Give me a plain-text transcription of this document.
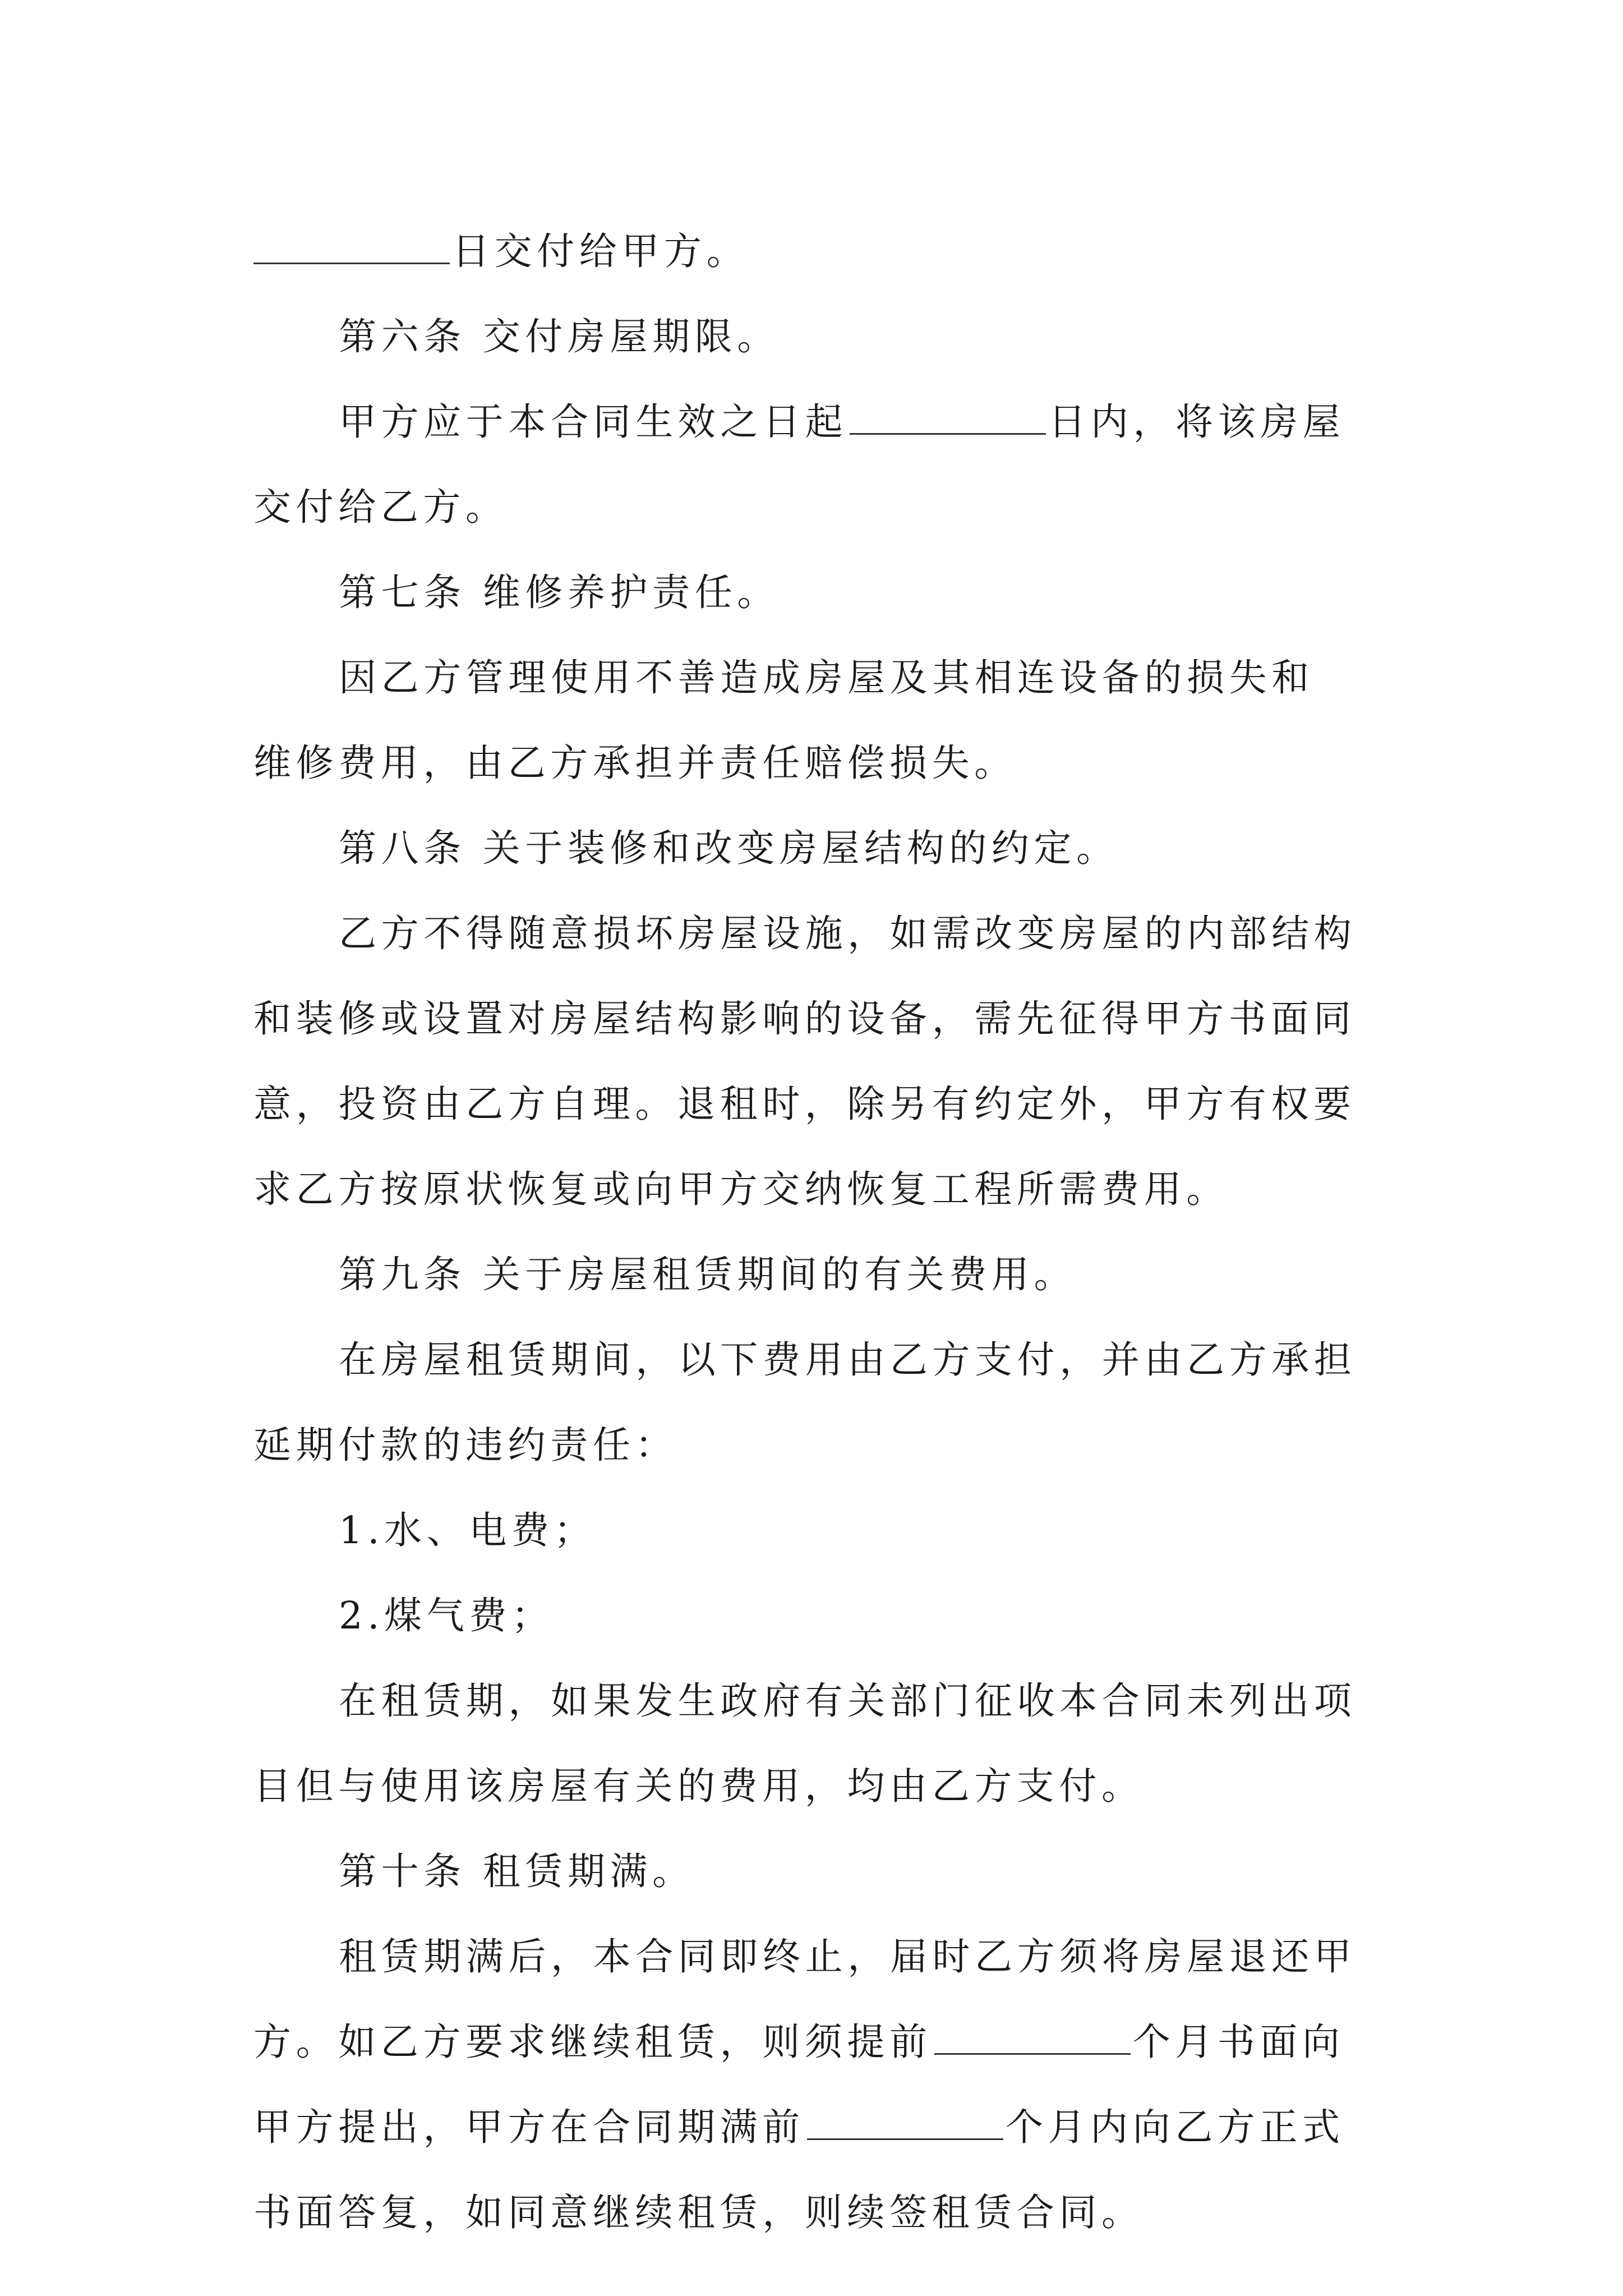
日交付给甲方。
第六条 交付房屋期限。
甲方应于本合同生效之日起	日内，将该房屋
交付给乙方。
第七条 维修养护责任。
因乙方管理使用不善造成房屋及其相连设备的损失和
维修费用，由乙方承担并责任赔偿损失。
第八条 关于装修和改变房屋结构的约定。
乙方不得随意损坏房屋设施，如需改变房屋的内部结构
和装修或设置对房屋结构影响的设备，需先征得甲方书面同
意，投资由乙方自理。退租时，除另有约定外，甲方有权要
求乙方按原状恢复或向甲方交纳恢复工程所需费用。
第九条 关于房屋租赁期间的有关费用。
在房屋租赁期间，以下费用由乙方支付，并由乙方承担
延期付款的违约责任：
1.水、电费；
2.煤气费；
在租赁期，如果发生政府有关部门征收本合同未列出项
目但与使用该房屋有关的费用，均由乙方支付。
第十条 租赁期满。
租赁期满后，本合同即终止，届时乙方须将房屋退还甲
方。如乙方要求继续租赁，则须提前	个月书面向
甲方提出，甲方在合同期满前	个月内向乙方正式
书面答复，如同意继续租赁，则续签租赁合同。
